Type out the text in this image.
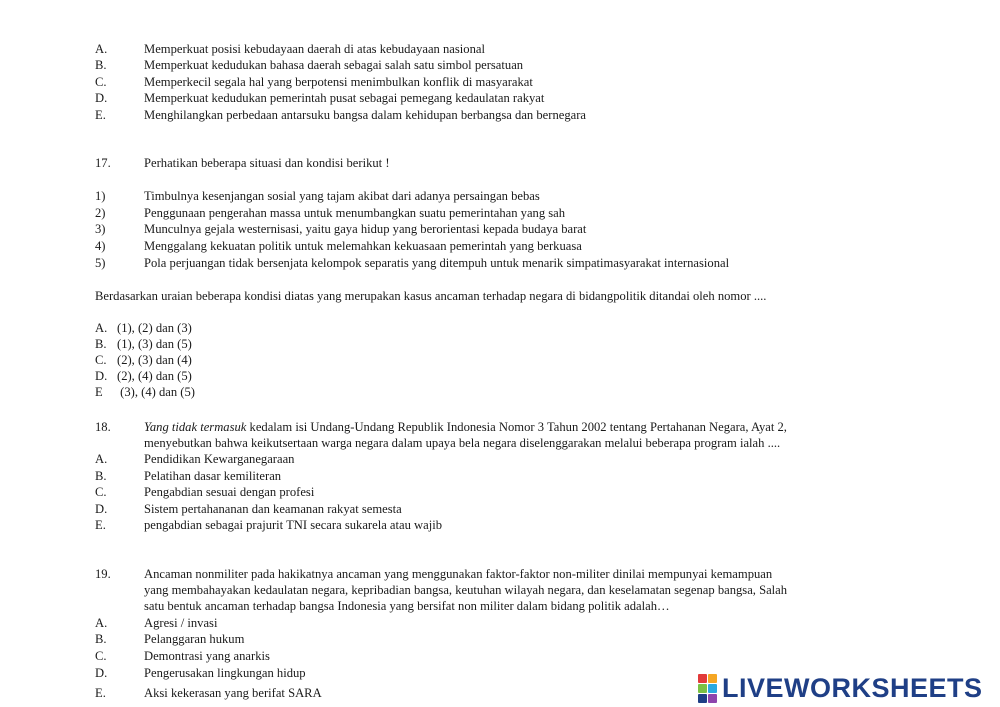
A.	Memperkuat posisi kebudayaan daerah di atas kebudayaan nasional
B.	Memperkuat kedudukan bahasa daerah sebagai salah satu simbol persatuan
C.	Memperkecil segala hal yang berpotensi menimbulkan konflik di masyarakat
D.	Memperkuat kedudukan pemerintah pusat sebagai pemegang kedaulatan rakyat
E.	Menghilangkan perbedaan antarsuku bangsa dalam kehidupan berbangsa dan bernegara
17.	Perhatikan beberapa situasi dan kondisi berikut !
1)	Timbulnya kesenjangan sosial yang tajam akibat dari adanya persaingan bebas
2)	Penggunaan pengerahan massa untuk menumbangkan suatu pemerintahan yang sah
3)	Munculnya gejala westernisasi, yaitu gaya hidup yang berorientasi kepada budaya barat
4)	Menggalang kekuatan politik untuk melemahkan kekuasaan pemerintah yang berkuasa
5)	Pola perjuangan tidak bersenjata kelompok separatis yang ditempuh untuk menarik simpatimasyarakat internasional
Berdasarkan uraian beberapa kondisi diatas yang merupakan kasus ancaman terhadap negara di bidangpolitik ditandai oleh nomor ....
A. (1), (2) dan (3)
B. (1), (3) dan (5)
C. (2), (3) dan (4)
D. (2), (4) dan (5)
E (3), (4) dan (5)
18.	Yang tidak termasuk kedalam isi Undang-Undang Republik Indonesia Nomor 3 Tahun 2002 tentang Pertahanan Negara, Ayat 2,
menyebutkan bahwa keikutsertaan warga negara dalam upaya bela negara diselenggarakan melalui beberapa program ialah ....
A.	Pendidikan Kewarganegaraan
B.	Pelatihan dasar kemiliteran
C.	Pengabdian sesuai dengan profesi
D.	Sistem pertahananan dan keamanan rakyat semesta
E.	pengabdian sebagai prajurit TNI secara sukarela atau wajib
19.	Ancaman nonmiliter pada hakikatnya ancaman yang menggunakan faktor-faktor non-militer dinilai mempunyai kemampuan
yang membahayakan kedaulatan negara, kepribadian bangsa, keutuhan wilayah negara, dan keselamatan segenap bangsa, Salah
satu bentuk ancaman terhadap bangsa Indonesia yang bersifat non militer dalam bidang politik adalah…
A.	Agresi / invasi
B.	Pelanggaran hukum
C.	Demontrasi yang anarkis
D.	Pengerusakan lingkungan hidup
E.	Aksi kekerasan yang berifat SARA	LIVEWORKSHEETS
